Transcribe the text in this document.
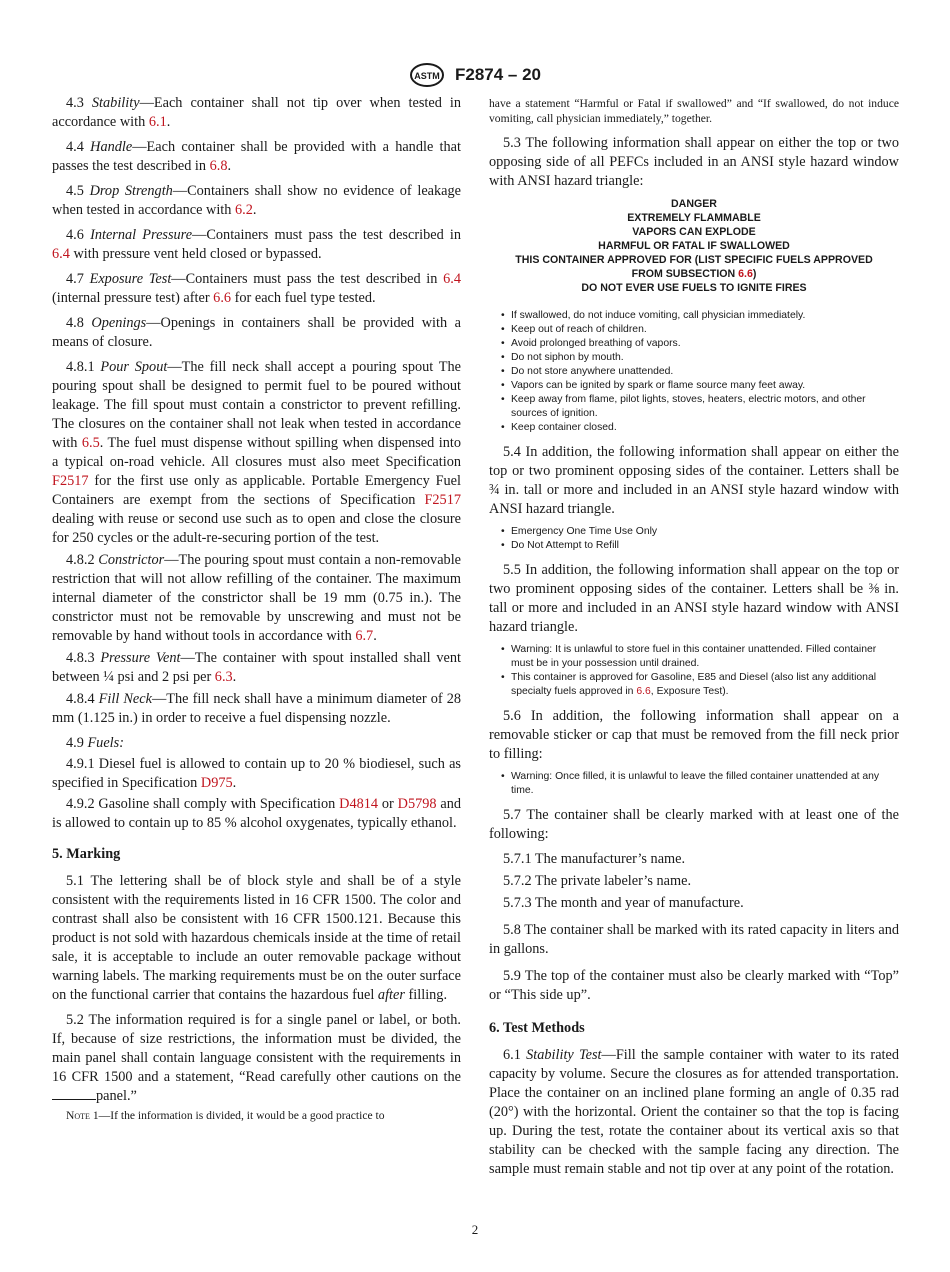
ASTM F2874 – 20

4.3 Stability—Each container shall not tip over when tested in accordance with 6.1.

4.4 Handle—Each container shall be provided with a handle that passes the test described in 6.8.

4.5 Drop Strength—Containers shall show no evidence of leakage when tested in accordance with 6.2.

4.6 Internal Pressure—Containers must pass the test described in 6.4 with pressure vent held closed or bypassed.

4.7 Exposure Test—Containers must pass the test described in 6.4 (internal pressure test) after 6.6 for each fuel type tested.

4.8 Openings—Openings in containers shall be provided with a means of closure.

4.8.1 Pour Spout—The fill neck shall accept a pouring spout The pouring spout shall be designed to permit fuel to be poured without leakage. The fill spout must contain a constrictor to prevent refilling. The closures on the container shall not leak when tested in accordance with 6.5. The fuel must dispense without spilling when dispensed into a typical on-road vehicle. All closures must also meet Specification F2517 for the first use only as applicable. Portable Emergency Fuel Containers are exempt from the sections of Specification F2517 dealing with reuse or second use such as to open and close the closure for 250 cycles or the adult-re-securing portion of the test.

4.8.2 Constrictor—The pouring spout must contain a non-removable restriction that will not allow refilling of the container. The maximum internal diameter of the constrictor shall be 19 mm (0.75 in.). The constrictor must not be removable by unscrewing and must not be removable by hand without tools in accordance with 6.7.

4.8.3 Pressure Vent—The container with spout installed shall vent between ¼ psi and 2 psi per 6.3.

4.8.4 Fill Neck—The fill neck shall have a minimum diameter of 28 mm (1.125 in.) in order to receive a fuel dispensing nozzle.

4.9 Fuels:

4.9.1 Diesel fuel is allowed to contain up to 20 % biodiesel, such as specified in Specification D975.

4.9.2 Gasoline shall comply with Specification D4814 or D5798 and is allowed to contain up to 85 % alcohol oxygenates, typically ethanol.

5. Marking

5.1 The lettering shall be of block style and shall be of a style consistent with the requirements listed in 16 CFR 1500. The color and contrast shall also be consistent with 16 CFR 1500.121. Because this product is not sold with hazardous chemicals inside at the time of retail sale, it is acceptable to include an outer removable package without warning labels. The marking requirements must be on the outer surface on the functional carrier that contains the hazardous fuel after filling.

5.2 The information required is for a single panel or label, or both. If, because of size restrictions, the information must be divided, the main panel shall contain language consistent with the requirements in 16 CFR 1500 and a statement, “Read carefully other cautions on the panel.”

Note 1—If the information is divided, it would be a good practice to

have a statement “Harmful or Fatal if swallowed” and “If swallowed, do not induce vomiting, call physician immediately,” together.

5.3 The following information shall appear on either the top or two opposing side of all PEFCs included in an ANSI style hazard window with ANSI hazard triangle:

DANGER
EXTREMELY FLAMMABLE
VAPORS CAN EXPLODE
HARMFUL OR FATAL IF SWALLOWED
THIS CONTAINER APPROVED FOR (LIST SPECIFIC FUELS APPROVED
FROM SUBSECTION 6.6)
DO NOT EVER USE FUELS TO IGNITE FIRES
• If swallowed, do not induce vomiting, call physician immediately.
• Keep out of reach of children.
• Avoid prolonged breathing of vapors.
• Do not siphon by mouth.
• Do not store anywhere unattended.
• Vapors can be ignited by spark or flame source many feet away.
• Keep away from flame, pilot lights, stoves, heaters, electric motors, and other sources of ignition.
• Keep container closed.

5.4 In addition, the following information shall appear on either the top or two prominent opposing sides of the container. Letters shall be ¾ in. tall or more and included in an ANSI style hazard window with ANSI hazard triangle.

• Emergency One Time Use Only
• Do Not Attempt to Refill

5.5 In addition, the following information shall appear on the top or two prominent opposing sides of the container. Letters shall be ⅜ in. tall or more and included in an ANSI style hazard window with ANSI hazard triangle.

• Warning: It is unlawful to store fuel in this container unattended. Filled container must be in your possession until drained.
• This container is approved for Gasoline, E85 and Diesel (also list any additional specialty fuels approved in 6.6, Exposure Test).

5.6 In addition, the following information shall appear on a removable sticker or cap that must be removed from the fill neck prior to filling:

• Warning: Once filled, it is unlawful to leave the filled container unattended at any time.

5.7 The container shall be clearly marked with at least one of the following:

5.7.1 The manufacturer’s name.

5.7.2 The private labeler’s name.

5.7.3 The month and year of manufacture.

5.8 The container shall be marked with its rated capacity in liters and in gallons.

5.9 The top of the container must also be clearly marked with “Top” or “This side up”.

6. Test Methods

6.1 Stability Test—Fill the sample container with water to its rated capacity by volume. Secure the closures as for attended transportation. Place the container on an inclined plane forming an angle of 0.35 rad (20°) with the horizontal. Orient the container so that the top is facing up. During the test, rotate the container about its vertical axis so that stability can be checked with the sample facing any direction. The sample must remain stable and not tip over at any point of the rotation.

2
